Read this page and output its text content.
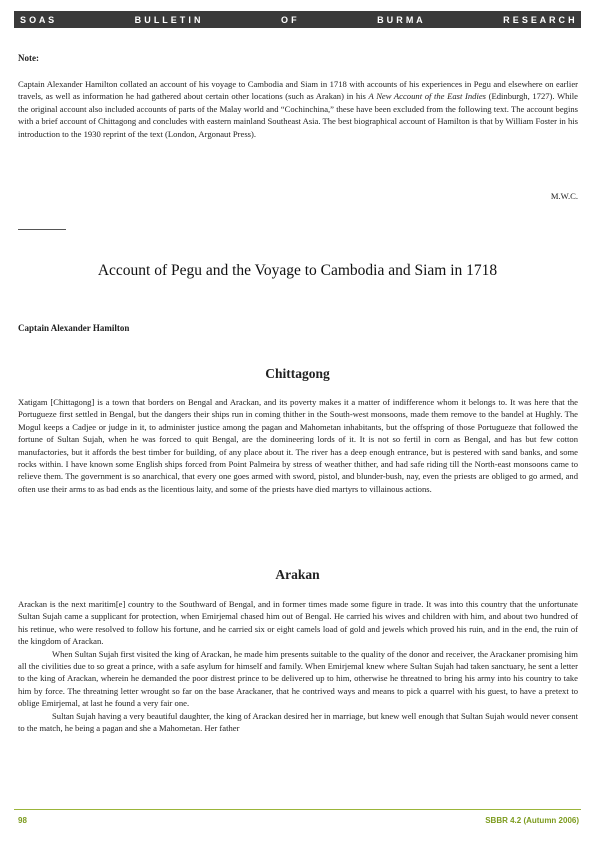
S O A S	B U L L E T I N	O F	B U R M A	R E S E A R C H
Note:
Captain Alexander Hamilton collated an account of his voyage to Cambodia and Siam in 1718 with accounts of his experiences in Pegu and elsewhere on earlier travels, as well as information he had gathered about certain other locations (such as Arakan) in his A New Account of the East Indies (Edinburgh, 1727). While the original account also included accounts of parts of the Malay world and “Cochinchina,” these have been excluded from the following text. The account begins with a brief account of Chittagong and concludes with eastern mainland Southeast Asia. The best biographical account of Hamilton is that by William Foster in his introduction to the 1930 reprint of the text (London, Argonaut Press).
M.W.C.
Account of Pegu and the Voyage to Cambodia and Siam in 1718
Captain Alexander Hamilton
Chittagong
Xatigam [Chittagong] is a town that borders on Bengal and Arackan, and its poverty makes it a matter of indifference whom it belongs to. It was here that the Portugueze first settled in Bengal, but the dangers their ships run in coming thither in the South-west monsoons, made them remove to the bandel at Hughly. The Mogul keeps a Cadjee or judge in it, to administer justice among the pagan and Mahometan inhabitants, but the offspring of those Portugueze that followed the fortune of Sultan Sujah, when he was forced to quit Bengal, are the domineering lords of it. It is not so fertil in corn as Bengal, and has but few cotton manufactories, but it affords the best timber for building, of any place about it. The river has a deep enough entrance, but is pestered with sand banks, and some rocks within. I have known some English ships forced from Point Palmeira by stress of weather thither, and had safe riding till the North-east monsoons came to relieve them. The government is so anarchical, that every one goes armed with sword, pistol, and blunder-bush, nay, even the priests are obliged to go armed, and often use their arms to as bad ends as the licentious laity, and some of the priests have died martyrs to villainous actions.
Arakan

Arackan is the next maritim[e] country to the Southward of Bengal, and in former times made some figure in trade. It was into this country that the unfortunate Sultan Sujah came a supplicant for protection, when Emirjemal chased him out of Bengal. He carried his wives and children with him, and about two hundred of his retinue, who were resolved to follow his fortune, and he carried six or eight camels load of gold and jewels which proved his ruin, and in the end, the ruin of the kingdom of Arackan.

When Sultan Sujah first visited the king of Arackan, he made him presents suitable to the quality of the donor and receiver, the Arackaner promising him all the civilities due to so great a prince, with a safe asylum for himself and family. When Emirjemal knew where Sultan Sujah had taken sanctuary, he sent a letter to the king of Arackan, wherein he demanded the poor distrest prince to be delivered up to him, otherwise he threatned to bring his army into his country to take him by force. The threatning letter wrought so far on the base Arackaner, that he contrived ways and means to pick a quarrel with his guest, to have a pretext to oblige Emirjemal, at last he found a very fair one.

Sultan Sujah having a very beautiful daughter, the king of Arackan desired her in marriage, but knew well enough that Sultan Sujah would never consent to the match, he being a pagan and she a Mahometan. Her father

98	SBBR 4.2 (Autumn 2006)
